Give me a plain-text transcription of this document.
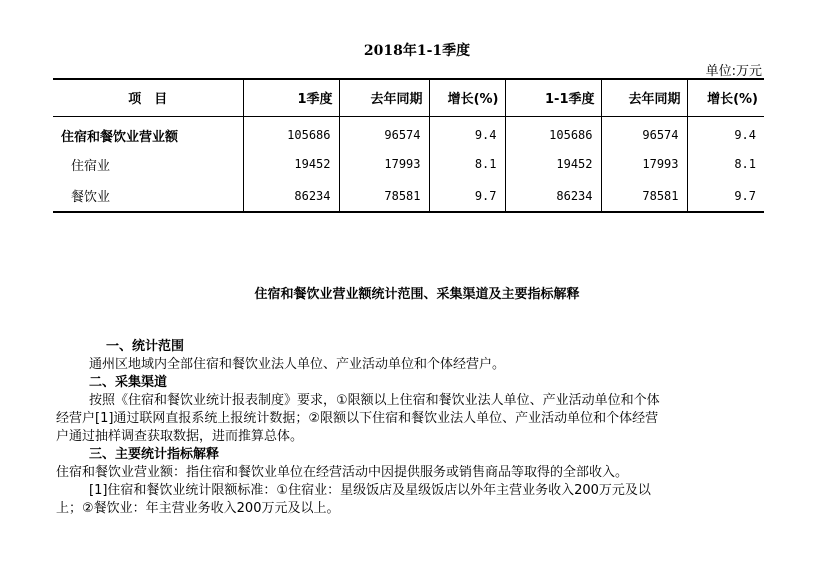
2018年1-1季度
单位:万元
项　目	1季度	去年同期	增长(%)	1-1季度	去年同期	增长(%)
住宿和餐饮业营业额	105686	96574	9.4	105686	96574	9.4
住宿业	19452	17993	8.1	19452	17993	8.1
餐饮业	86234	78581	9.7	86234	78581	9.7
住宿和餐饮业营业额统计范围、采集渠道及主要指标解释
一、统计范围
通州区地域内全部住宿和餐饮业法人单位、产业活动单位和个体经营户。
二、采集渠道
按照《住宿和餐饮业统计报表制度》要求，①限额以上住宿和餐饮业法人单位、产业活动单位和个体
经营户[1]通过联网直报系统上报统计数据；②限额以下住宿和餐饮业法人单位、产业活动单位和个体经营
户通过抽样调查获取数据，进而推算总体。
三、主要统计指标解释
住宿和餐饮业营业额：指住宿和餐饮业单位在经营活动中因提供服务或销售商品等取得的全部收入。
[1]住宿和餐饮业统计限额标准：①住宿业：星级饭店及星级饭店以外年主营业务收入200万元及以
上；②餐饮业：年主营业务收入200万元及以上。
